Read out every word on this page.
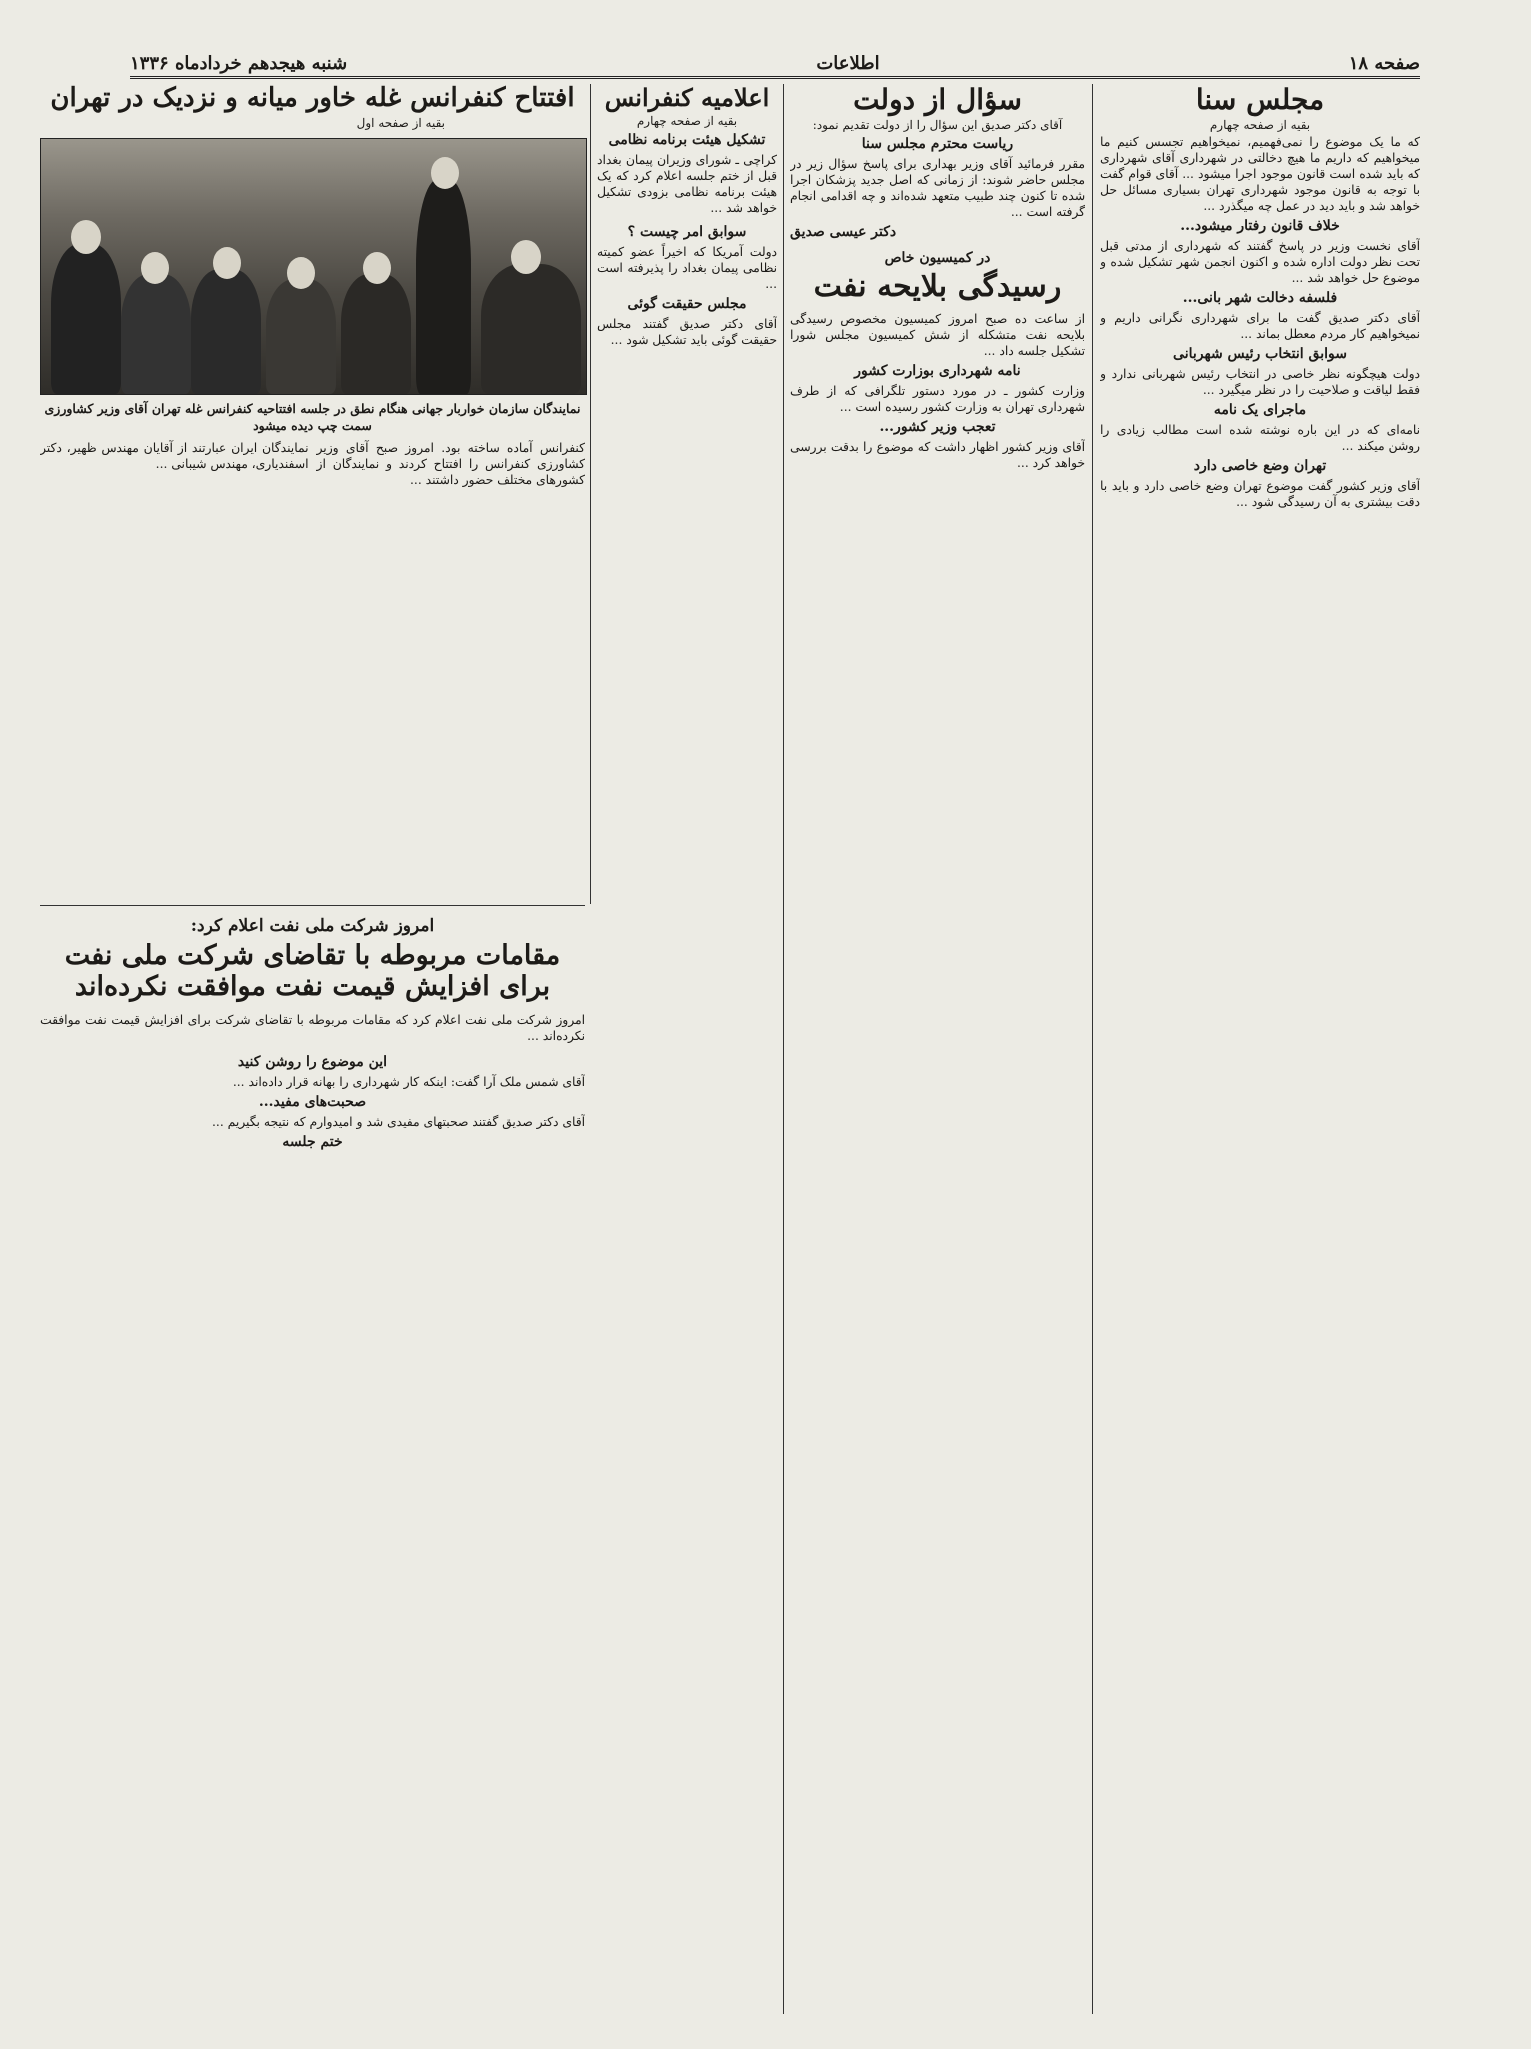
صفحه ۱۸
اطلاعات
شنبه هیجدهم خردادماه ۱۳۳۶
مجلس سنا
بقیه از صفحه چهارم
که ما یک موضوع را نمی‌فهمیم، نمیخواهیم تجسس کنیم ما میخواهیم که داریم ما هیچ دخالتی در شهرداری آقای شهرداری که باید شده است قانون موجود اجرا میشود ... آقای قوام گفت با توجه به قانون موجود شهرداری تهران بسیاری مسائل حل خواهد شد و باید دید در عمل چه میگذرد ...
خلاف قانون رفتار میشود...
آقای نخست وزیر در پاسخ گفتند که شهرداری از مدتی قبل تحت نظر دولت اداره شده و اکنون انجمن شهر تشکیل شده و موضوع حل خواهد شد ...
فلسفه دخالت شهر بانی...
آقای دکتر صدیق گفت ما برای شهرداری نگرانی داریم و نمیخواهیم کار مردم معطل بماند ...
سوابق انتخاب رئیس شهربانی
دولت هیچگونه نظر خاصی در انتخاب رئیس شهربانی ندارد و فقط لیاقت و صلاحیت را در نظر میگیرد ...
ماجرای یک نامه
نامه‌ای که در این باره نوشته شده است مطالب زیادی را روشن میکند ...
تهران وضع خاصی دارد
آقای وزیر کشور گفت موضوع تهران وضع خاصی دارد و باید با دقت بیشتری به آن رسیدگی شود ...
سؤال از دولت
آقای دکتر صدیق این سؤال را از دولت تقدیم نمود:
ریاست محترم مجلس سنا
مقرر فرمائید آقای وزیر بهداری برای پاسخ سؤال زیر در مجلس حاضر شوند: از زمانی که اصل جدید پزشکان اجرا شده تا کنون چند طبیب متعهد شده‌اند و چه اقدامی انجام گرفته است ...
دکتر عیسی صدیق
در کمیسیون خاص
رسیدگی بلایحه نفت
از ساعت ده صبح امروز کمیسیون مخصوص رسیدگی بلایحه نفت متشکله از شش کمیسیون مجلس شورا تشکیل جلسه داد ...
نامه شهرداری بوزارت کشور
وزارت کشور ـ در مورد دستور تلگرافی که از طرف شهرداری تهران به وزارت کشور رسیده است ...
تعجب وزیر کشور...
آقای وزیر کشور اظهار داشت که موضوع را بدقت بررسی خواهد کرد ...
اعلامیه کنفرانس
بقیه از صفحه چهارم
تشکیل هیئت برنامه نظامی
کراچی ـ شورای وزیران پیمان بغداد قبل از ختم جلسه اعلام کرد که یک هیئت برنامه نظامی بزودی تشکیل خواهد شد ...
سوابق امر چیست ؟
دولت آمریکا که اخیراً عضو کمیته نظامی پیمان بغداد را پذیرفته است ...
مجلس حقیقت گوئی
آقای دکتر صدیق گفتند مجلس حقیقت گوئی باید تشکیل شود ...
افتتاح کنفرانس غله خاور میانه و نزدیک در تهران
بقیه از صفحه اول
نمایندگان سازمان خواربار جهانی هنگام نطق در جلسه افتتاحیه کنفرانس غله تهران آقای وزیر کشاورزی سمت چپ دیده میشود
کنفرانس آماده ساخته بود. امروز صبح آقای وزیر کشاورزی کنفرانس را افتتاح کردند و نمایندگان از کشورهای مختلف حضور داشتند ...
نمایندگان ایران عبارتند از آقایان مهندس ظهیر، دکتر اسفندیاری، مهندس شیبانی ...
امروز شرکت ملی نفت اعلام کرد:
مقامات مربوطه با تقاضای شرکت ملی نفت برای افزایش قیمت نفت موافقت نکرده‌اند
امروز شرکت ملی نفت اعلام کرد که مقامات مربوطه با تقاضای شرکت برای افزایش قیمت نفت موافقت نکرده‌اند ...
این موضوع را روشن کنید
آقای شمس ملک آرا گفت: اینکه کار شهرداری را بهانه قرار داده‌اند ...
صحبت‌های مفید...
آقای دکتر صدیق گفتند صحبتهای مفیدی شد و امیدوارم که نتیجه بگیریم ...
ختم جلسه
